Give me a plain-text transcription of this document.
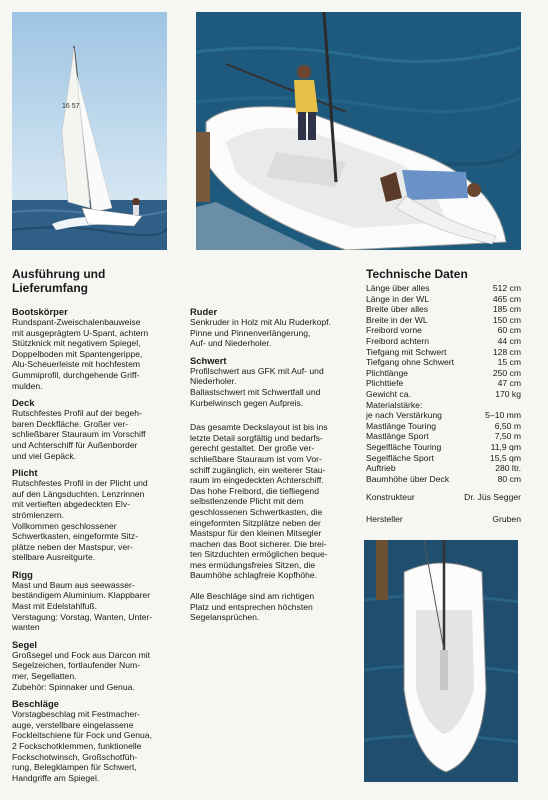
16 57
Ausführung und
Lieferumfang
Technische Daten
Bootskörper
Rundspant-Zweischalenbauweise
mit ausgeprägtem U-Spant, achtern
Stützknick mit negativem Spiegel,
Doppelboden mit Spantengerippe,
Alu-Scheuerleiste mit hochfestem
Gummiprofil, durchgehende Griff-
mulden.
Deck
Rutschfestes Profil auf der begeh-
baren Deckfläche. Großer ver-
schließbarer Stauraum im Vorschiff
und Achterschiff für Außenborder
und viel Gepäck.
Plicht
Rutschfestes Profil in der Plicht und
auf den Längsduchten. Lenzrinnen
mit vertieften abgedeckten Elv-
strömlenzern.
Vollkommen geschlossener
Schwertkasten, eingeformte Sitz-
plätze neben der Mastspur, ver-
stellbare Ausreitgurte.
Rigg
Mast und Baum aus seewasser-
beständigem Aluminium. Klappbarer
Mast mit Edelstahlfuß.
Verstagung: Vorstag, Wanten, Unter-
wanten
Segel
Großsegel und Fock aus Darcon mit
Segelzeichen, fortlaufender Num-
mer, Segellatten.
Zubehör: Spinnaker und Genua.
Beschläge
Vorstagbeschlag mit Festmacher-
auge, verstellbare eingelassene
Fockleitschiene für Fock und Genua,
2 Fockschotklemmen, funktionelle
Fockschotwinsch, Großschotfüh-
rung, Belegklampen für Schwert,
Handgriffe am Spiegel.
Ruder
Senkruder in Holz mit Alu Ruderkopf.
Pinne und Pinnenverlängerung,
Auf- und Niederholer.
Schwert
Profilschwert aus GFK mit Auf- und
Niederholer.
Ballastschwert mit Schwertfall und
Kurbelwinsch gegen Aufpreis.
Das gesamte Deckslayout ist bis ins
letzte Detail sorgfältig und bedarfs-
gerecht gestaltet. Der große ver-
schließbare Stauraum ist vom Vor-
schiff zugänglich, ein weiterer Stau-
raum im eingedeckten Achterschiff.
Das hohe Freibord, die tiefliegend
selbstlenzende Plicht mit dem
geschlossenen Schwertkasten, die
eingeformten Sitzplätze neben der
Mastspur für den kleinen Mitsegler
machen das Boot sicherer. Die brei-
ten Sitzduchten ermöglichen beque-
mes ermüdungsfreies Sitzen, die
Baumhöhe schlagfreie Kopfhöhe.
Alle Beschläge sind am richtigen
Platz und entsprechen höchsten
Segelansprüchen.
Länge über alles	512 cm
Länge in der WL	465 cm
Breite über alles	185 cm
Breite in der WL	150 cm
Freibord vorne	60 cm
Freibord achtern	44 cm
Tiefgang mit Schwert	128 cm
Tiefgang ohne Schwert	15 cm
Plichtlänge	250 cm
Plichttiefe	47 cm
Gewicht ca.	170 kg
Materialstärke:
je nach Verstärkung	5–10 mm
Mastlänge Touring	6,50 m
Mastlänge Sport	7,50 m
Segelfläche Touring	11,9 qm
Segelfläche Sport	15,5 qm
Auftrieb	280 ltr.
Baumhöhe über Deck	80 cm
Konstrukteur	Dr. Jüs Segger
Hersteller	Gruben
